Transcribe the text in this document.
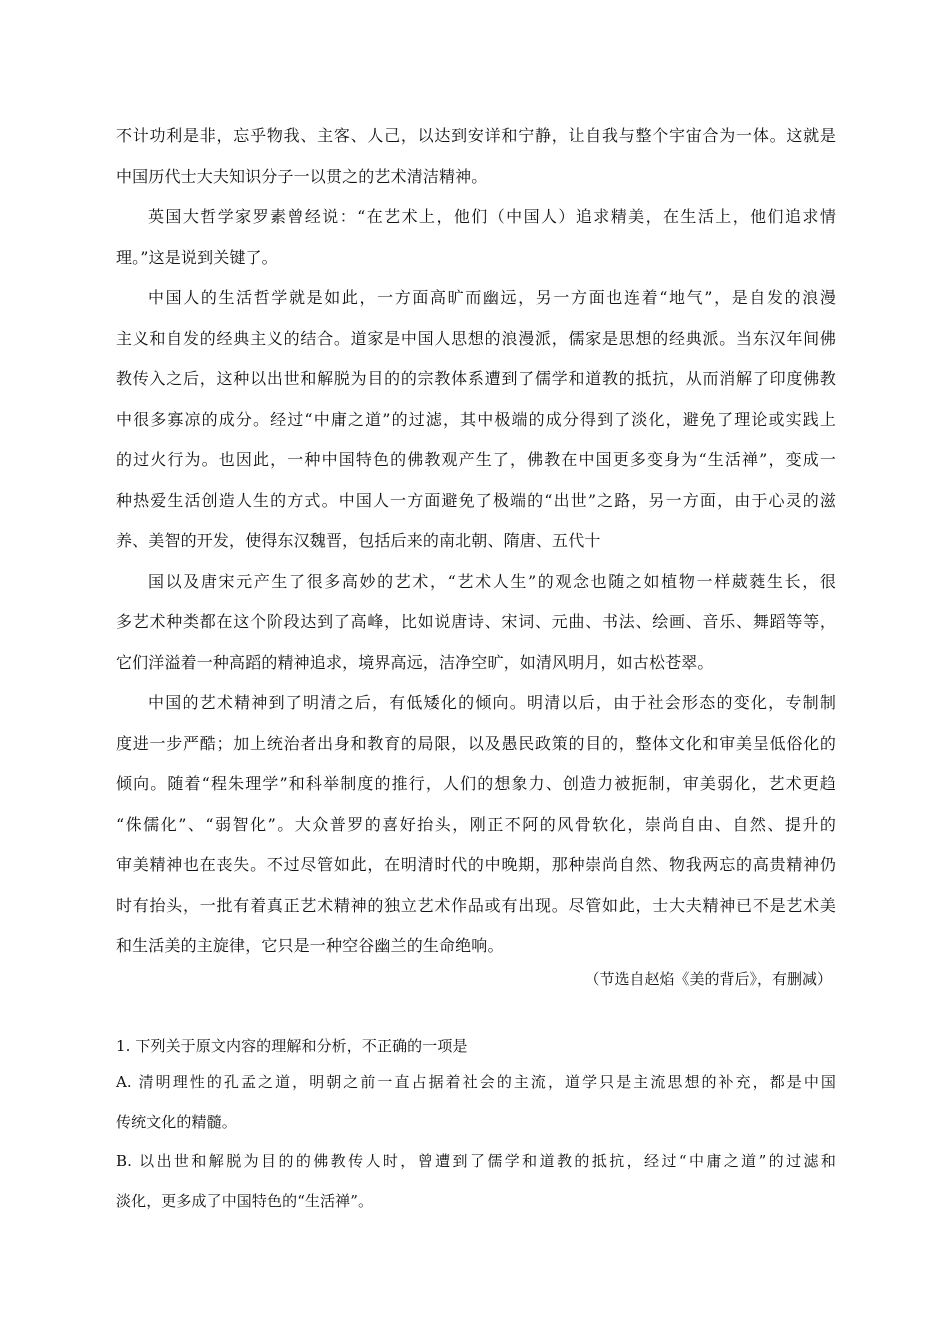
不计功利是非，忘乎物我、主客、人己，以达到安详和宁静，让自我与整个宇宙合为一体。这就是
中国历代士大夫知识分子一以贯之的艺术清洁精神。
英国大哲学家罗素曾经说：“在艺术上，他们（中国人）追求精美，在生活上，他们追求情
理。”这是说到关键了。
中国人的生活哲学就是如此，一方面高旷而幽远，另一方面也连着“地气”，是自发的浪漫
主义和自发的经典主义的结合。道家是中国人思想的浪漫派，儒家是思想的经典派。当东汉年间佛
教传入之后，这种以出世和解脱为目的的宗教体系遭到了儒学和道教的抵抗，从而消解了印度佛教
中很多寡凉的成分。经过“中庸之道”的过滤，其中极端的成分得到了淡化，避免了理论或实践上
的过火行为。也因此，一种中国特色的佛教观产生了，佛教在中国更多变身为“生活禅”，变成一
种热爱生活创造人生的方式。中国人一方面避免了极端的“出世”之路，另一方面，由于心灵的滋
养、美智的开发，使得东汉魏晋，包括后来的南北朝、隋唐、五代十
国以及唐宋元产生了很多高妙的艺术，“艺术人生”的观念也随之如植物一样葳蕤生长，很
多艺术种类都在这个阶段达到了高峰，比如说唐诗、宋词、元曲、书法、绘画、音乐、舞蹈等等，
它们洋溢着一种高蹈的精神追求，境界高远，洁净空旷，如清风明月，如古松苍翠。
中国的艺术精神到了明清之后，有低矮化的倾向。明清以后，由于社会形态的变化，专制制
度进一步严酷；加上统治者出身和教育的局限，以及愚民政策的目的，整体文化和审美呈低俗化的
倾向。随着“程朱理学”和科举制度的推行，人们的想象力、创造力被扼制，审美弱化，艺术更趋
“侏儒化”、“弱智化”。大众普罗的喜好抬头，刚正不阿的风骨软化，崇尚自由、自然、提升的
审美精神也在丧失。不过尽管如此，在明清时代的中晚期，那种崇尚自然、物我两忘的高贵精神仍
时有抬头，一批有着真正艺术精神的独立艺术作品或有出现。尽管如此，士大夫精神已不是艺术美
和生活美的主旋律，它只是一种空谷幽兰的生命绝响。
（节选自赵焰《美的背后》，有删减）
1. 下列关于原文内容的理解和分析，不正确的一项是
A. 清明理性的孔孟之道，明朝之前一直占据着社会的主流，道学只是主流思想的补充，都是中国
传统文化的精髓。
B. 以出世和解脱为目的的佛教传人时，曾遭到了儒学和道教的抵抗，经过“中庸之道”的过滤和
淡化，更多成了中国特色的“生活禅”。
